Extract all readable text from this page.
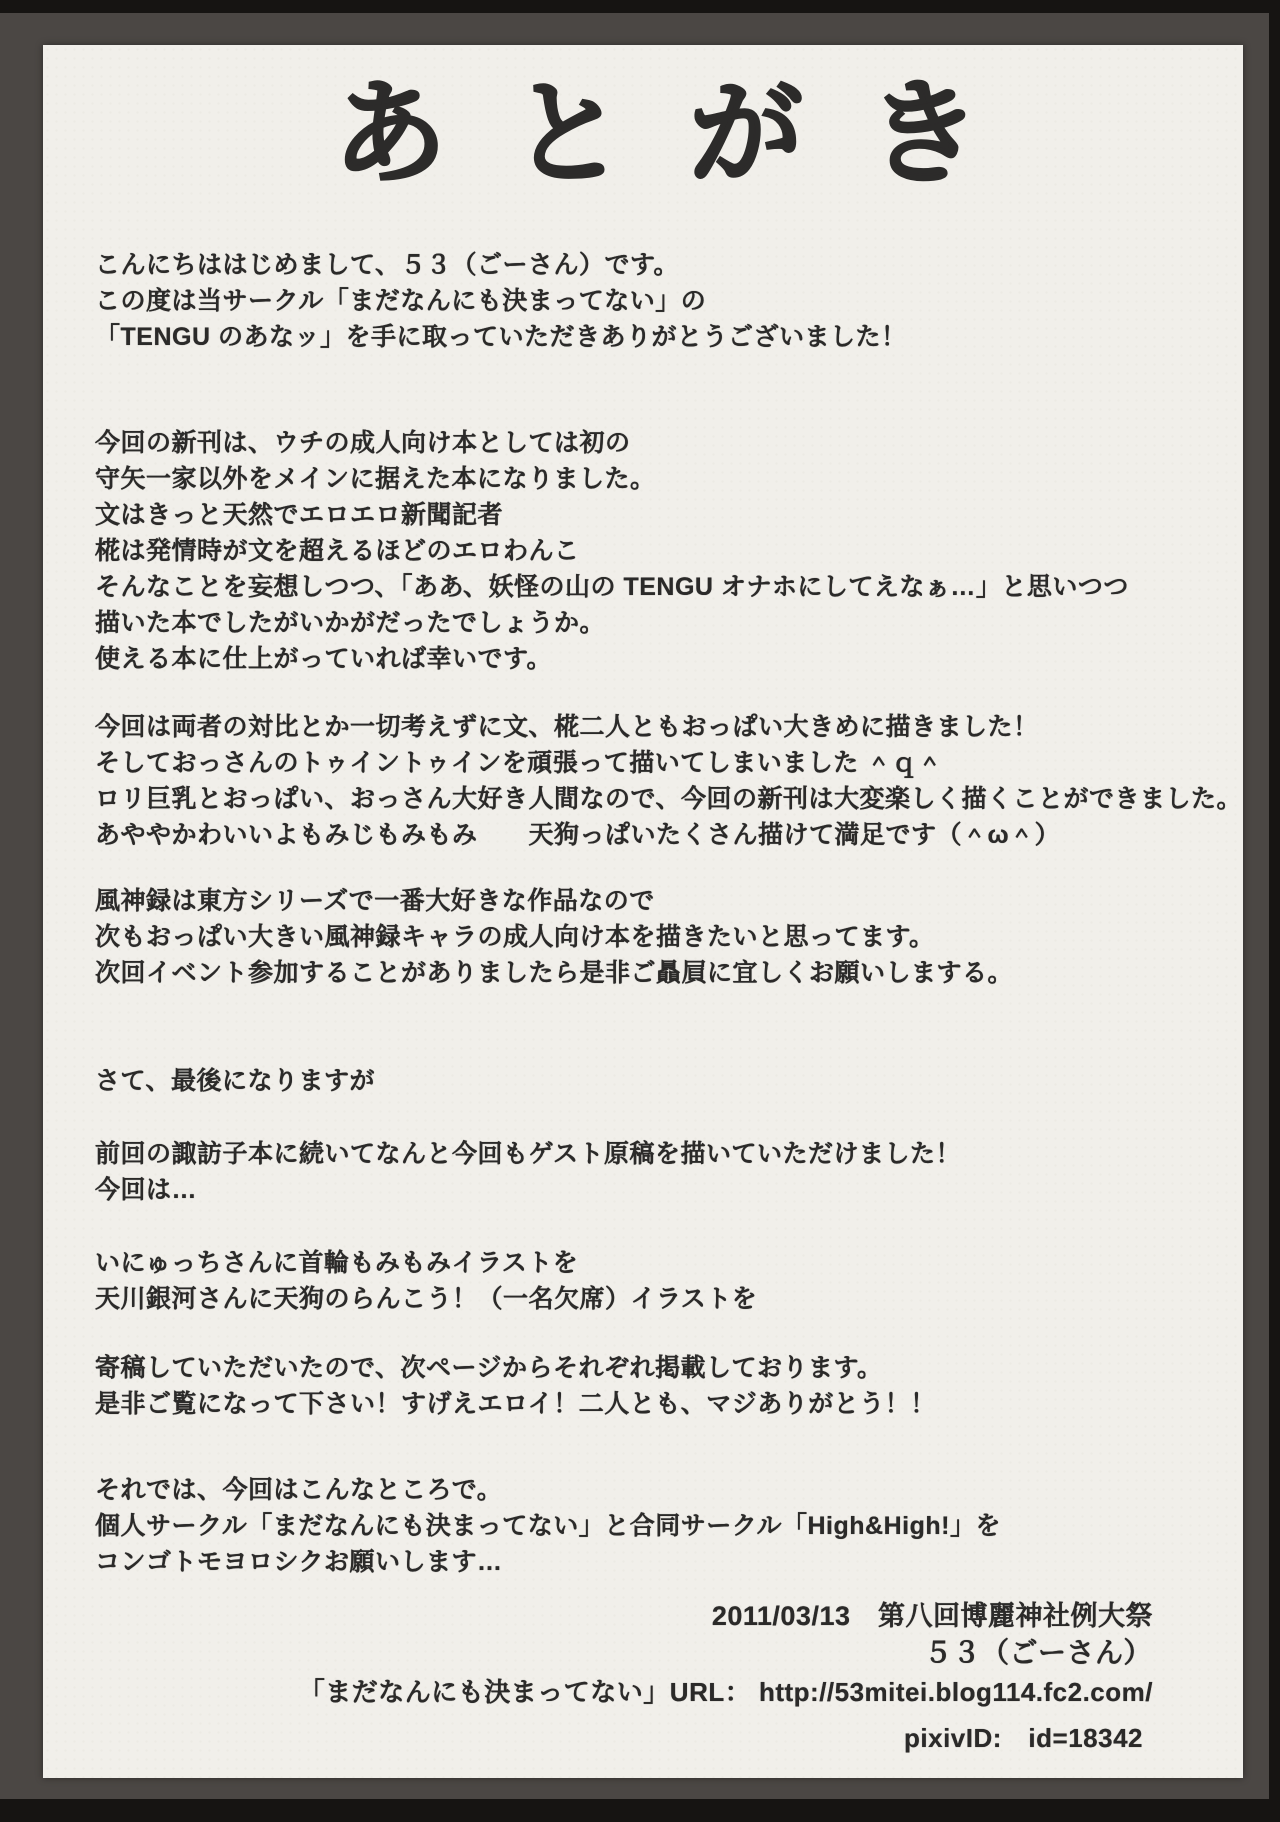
あとがき
こんにちははじめまして、５３（ごーさん）です。
この度は当サークル「まだなんにも決まってない」の
「TENGU のあなッ」を手に取っていただきありがとうございました！
今回の新刊は、ウチの成人向け本としては初の
守矢一家以外をメインに据えた本になりました。
文はきっと天然でエロエロ新聞記者
椛は発情時が文を超えるほどのエロわんこ
そんなことを妄想しつつ、「ああ、妖怪の山の TENGU オナホにしてえなぁ…」と思いつつ
描いた本でしたがいかがだったでしょうか。
使える本に仕上がっていれば幸いです。
今回は両者の対比とか一切考えずに文、椛二人ともおっぱい大きめに描きました！
そしておっさんのトゥイントゥインを頑張って描いてしまいました ＾ｑ＾
ロリ巨乳とおっぱい、おっさん大好き人間なので、今回の新刊は大変楽しく描くことができました。
あややかわいいよもみじもみもみ　　天狗っぱいたくさん描けて満足です（＾ω＾）
風神録は東方シリーズで一番大好きな作品なので
次もおっぱい大きい風神録キャラの成人向け本を描きたいと思ってます。
次回イベント参加することがありましたら是非ご贔屓に宜しくお願いしまする。
さて、最後になりますが
前回の諏訪子本に続いてなんと今回もゲスト原稿を描いていただけました！
今回は…
いにゅっちさんに首輪もみもみイラストを
天川銀河さんに天狗のらんこう！（一名欠席）イラストを
寄稿していただいたので、次ページからそれぞれ掲載しております。
是非ご覧になって下さい！すげえエロイ！二人とも、マジありがとう！！
それでは、今回はこんなところで。
個人サークル「まだなんにも決まってない」と合同サークル「High&High!」を
コンゴトモヨロシクお願いします…
2011/03/13　第八回博麗神社例大祭
５３（ごーさん）
「まだなんにも決まってない」URL： http://53mitei.blog114.fc2.com/
pixivID:　id=18342
